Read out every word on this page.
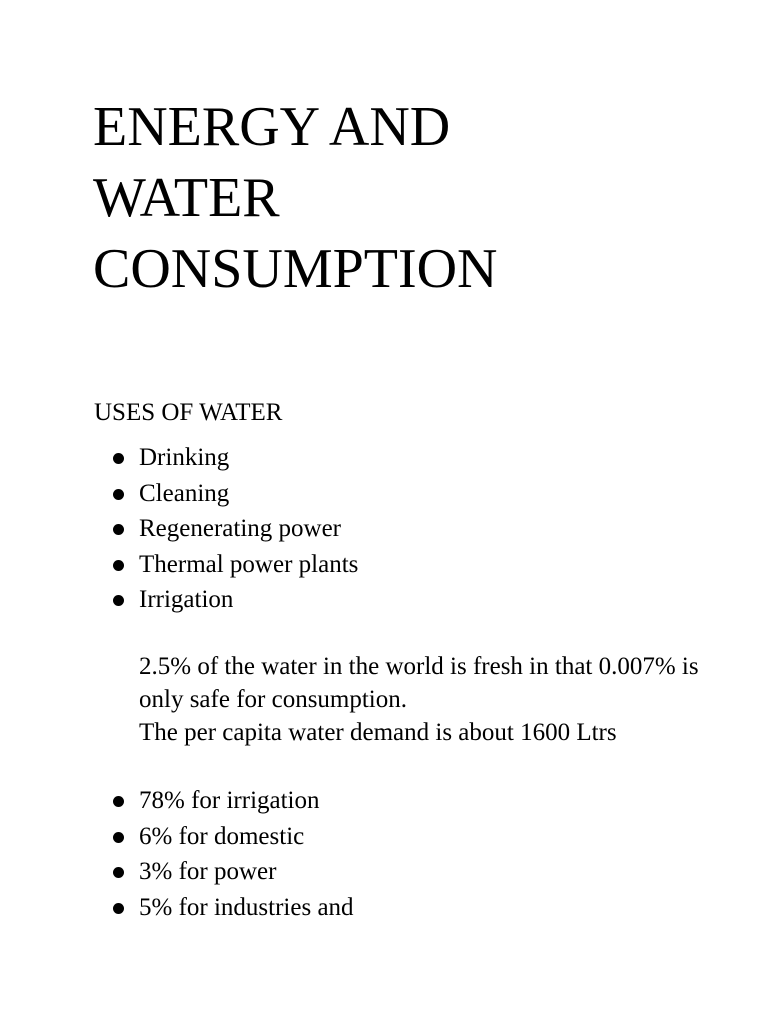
ENERGY AND
WATER
CONSUMPTION
USES OF WATER
Drinking
Cleaning
Regenerating power
Thermal power plants
Irrigation

2.5% of the water in the world is fresh in that 0.007% is only safe for consumption.

The per capita water demand is about 1600 Ltrs

78% for irrigation
6% for domestic
3% for power
5% for industries and
